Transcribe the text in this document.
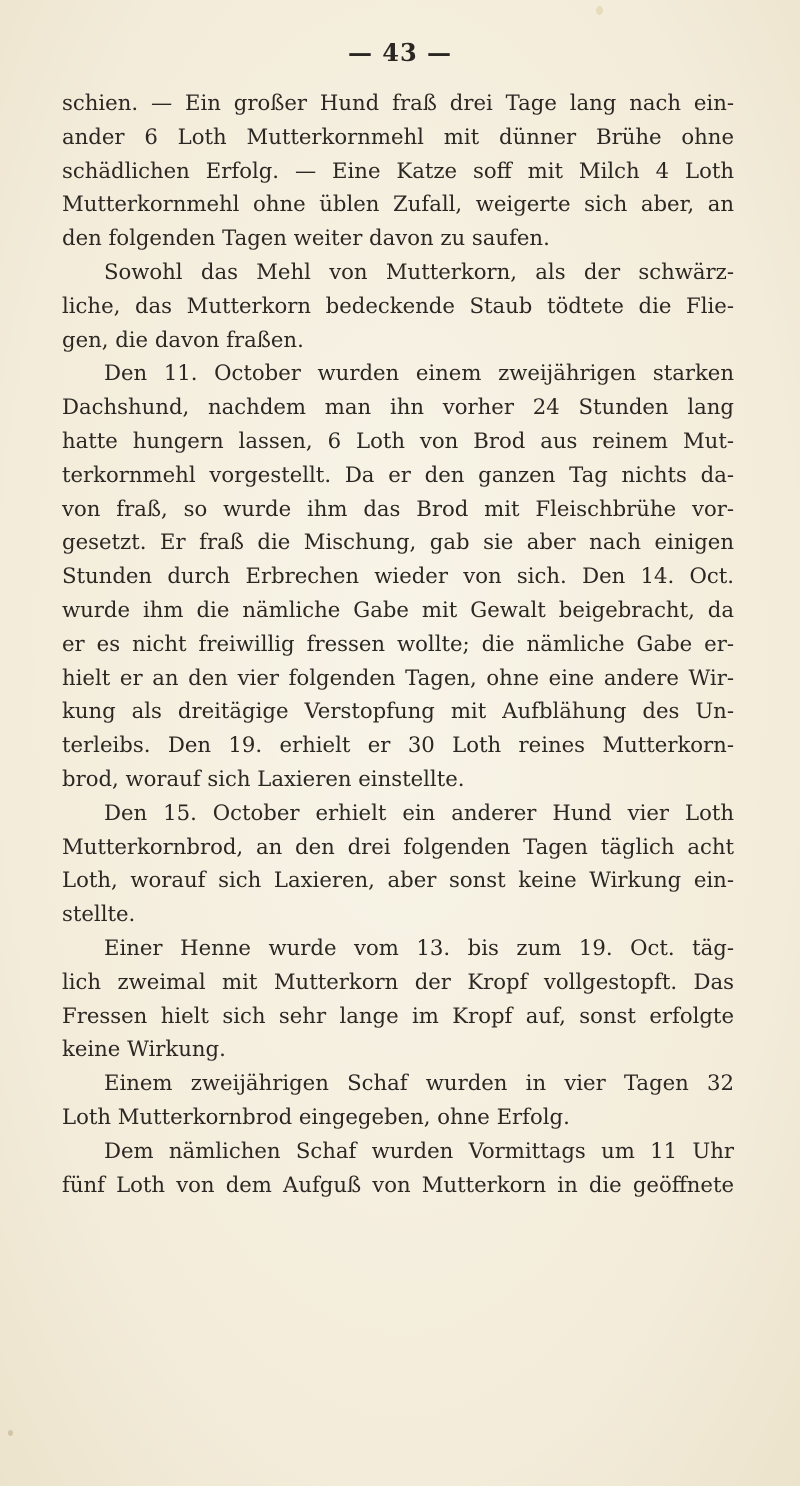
— 43 —
schien. — Ein großer Hund fraß drei Tage lang nach ein-
ander 6 Loth Mutterkornmehl mit dünner Brühe ohne
schädlichen Erfolg. — Eine Katze soff mit Milch 4 Loth
Mutterkornmehl ohne üblen Zufall, weigerte sich aber, an
den folgenden Tagen weiter davon zu saufen.
Sowohl das Mehl von Mutterkorn, als der schwärz-
liche, das Mutterkorn bedeckende Staub tödtete die Flie-
gen, die davon fraßen.
Den 11. October wurden einem zweijährigen starken
Dachshund, nachdem man ihn vorher 24 Stunden lang
hatte hungern lassen, 6 Loth von Brod aus reinem Mut-
terkornmehl vorgestellt. Da er den ganzen Tag nichts da-
von fraß, so wurde ihm das Brod mit Fleischbrühe vor-
gesetzt. Er fraß die Mischung, gab sie aber nach einigen
Stunden durch Erbrechen wieder von sich. Den 14. Oct.
wurde ihm die nämliche Gabe mit Gewalt beigebracht, da
er es nicht freiwillig fressen wollte; die nämliche Gabe er-
hielt er an den vier folgenden Tagen, ohne eine andere Wir-
kung als dreitägige Verstopfung mit Aufblähung des Un-
terleibs. Den 19. erhielt er 30 Loth reines Mutterkorn-
brod, worauf sich Laxieren einstellte.
Den 15. October erhielt ein anderer Hund vier Loth
Mutterkornbrod, an den drei folgenden Tagen täglich acht
Loth, worauf sich Laxieren, aber sonst keine Wirkung ein-
stellte.
Einer Henne wurde vom 13. bis zum 19. Oct. täg-
lich zweimal mit Mutterkorn der Kropf vollgestopft. Das
Fressen hielt sich sehr lange im Kropf auf, sonst erfolgte
keine Wirkung.
Einem zweijährigen Schaf wurden in vier Tagen 32
Loth Mutterkornbrod eingegeben, ohne Erfolg.
Dem nämlichen Schaf wurden Vormittags um 11 Uhr
fünf Loth von dem Aufguß von Mutterkorn in die geöffnete
